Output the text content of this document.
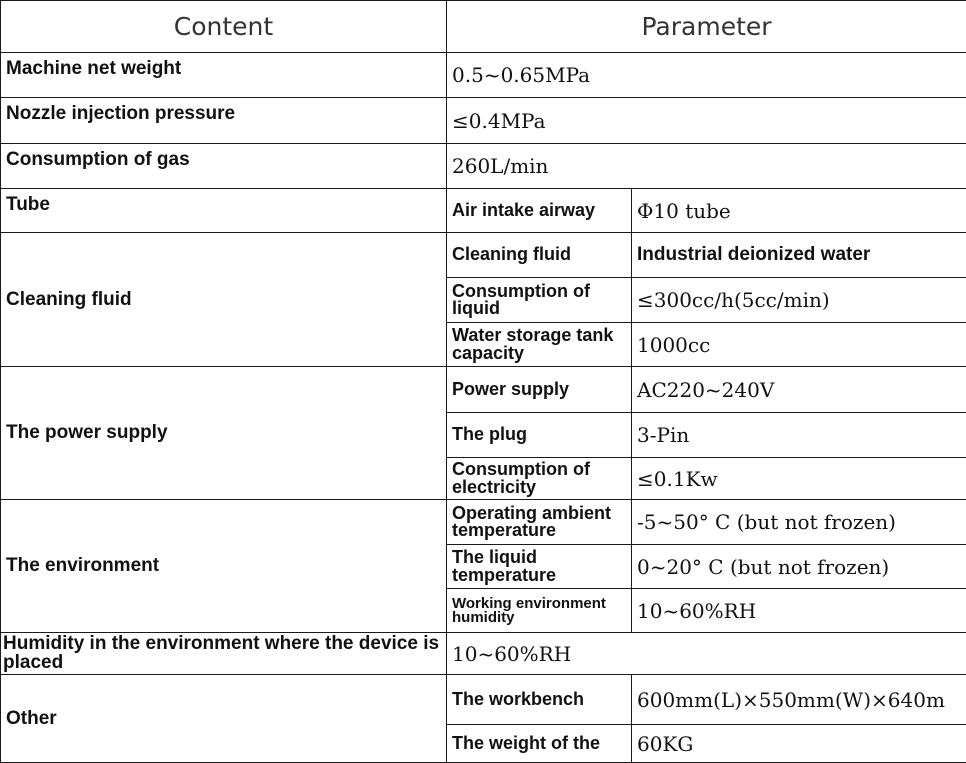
Content	Parameter	
Machine net weight	0.5~0.65MPa	
Nozzle injection pressure	≤0.4MPa	
Consumption of gas	260L/min	
Tube	Air intake airway	Φ10 tube
Cleaning fluid	Cleaning fluid	Industrial deionized water
	Consumption of liquid	≤300cc/h(5cc/min)
	Water storage tank capacity	1000cc
The power supply	Power supply	AC220~240V
	The plug	3-Pin
	Consumption of electricity	≤0.1Kw
The environment	Operating ambient temperature	-5~50° C (but not frozen)
	The liquid temperature	0~20° C (but not frozen)
	Working environment humidity	10~60%RH
Humidity in the environment where the device is placed	10~60%RH	
Other	The workbench	600mm(L)×550mm(W)×640m
	The weight of the	60KG
